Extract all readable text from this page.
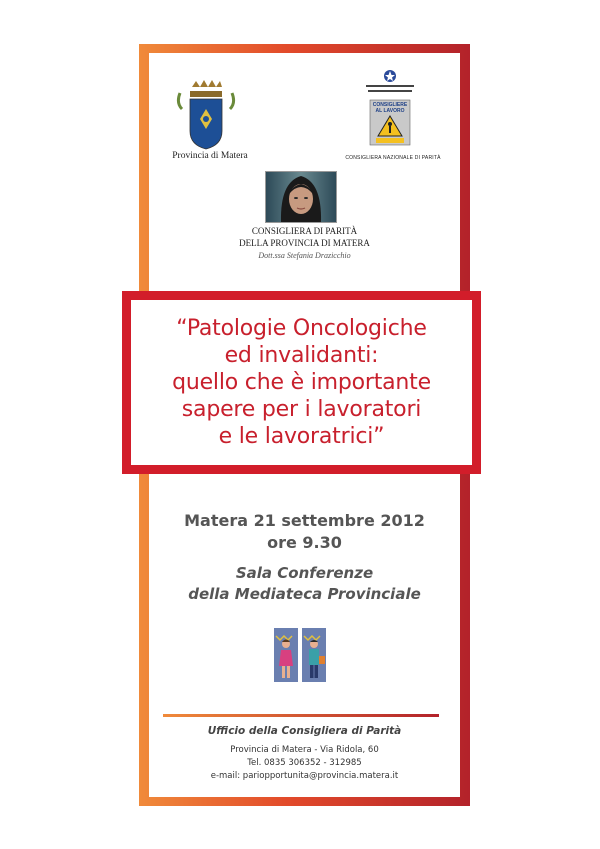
Provincia di Matera
CONSIGLIERE
AL LAVORO
CONSIGLIERA NAZIONALE DI PARITÀ
CONSIGLIERA DI PARITÀ
DELLA PROVINCIA DI MATERA
Dott.ssa Stefania Drazicchio
“Patologie Oncologiche
ed invalidanti:
quello che è importante
sapere per i lavoratori
e le lavoratrici”
Matera 21 settembre 2012
ore 9.30
Sala Conferenze
della Mediateca Provinciale
Ufficio della Consigliera di Parità
Provincia di Matera - Via Ridola, 60
Tel. 0835 306352 - 312985
e-mail: pariopportunita@provincia.matera.it
